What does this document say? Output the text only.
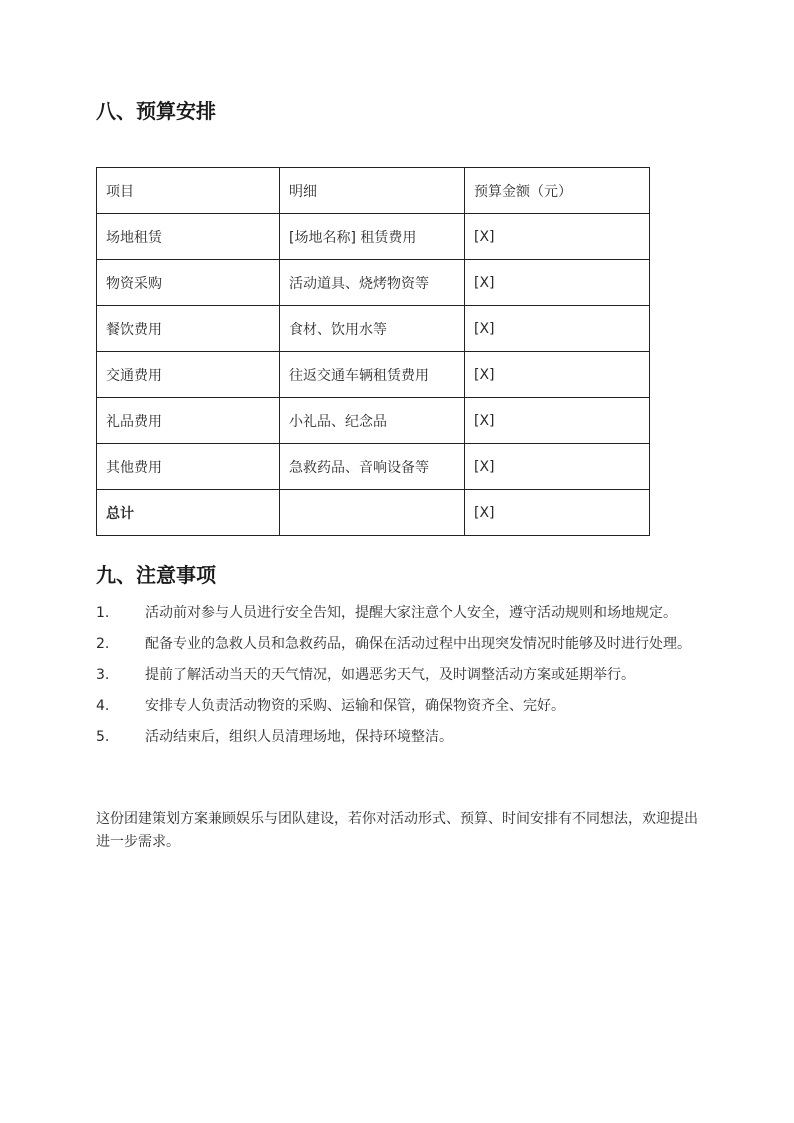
八、预算安排
项目	明细	预算金额（元）
场地租赁	[场地名称] 租赁费用	[X]
物资采购	活动道具、烧烤物资等	[X]
餐饮费用	食材、饮用水等	[X]
交通费用	往返交通车辆租赁费用	[X]
礼品费用	小礼品、纪念品	[X]
其他费用	急救药品、音响设备等	[X]
总计		[X]
九、注意事项
1.	活动前对参与人员进行安全告知，提醒大家注意个人安全，遵守活动规则和场地规定。
2.	配备专业的急救人员和急救药品，确保在活动过程中出现突发情况时能够及时进行处理。
3.	提前了解活动当天的天气情况，如遇恶劣天气，及时调整活动方案或延期举行。
4.	安排专人负责活动物资的采购、运输和保管，确保物资齐全、完好。
5.	活动结束后，组织人员清理场地，保持环境整洁。

这份团建策划方案兼顾娱乐与团队建设，若你对活动形式、预算、时间安排有不同想法，欢迎提出进一步需求。
